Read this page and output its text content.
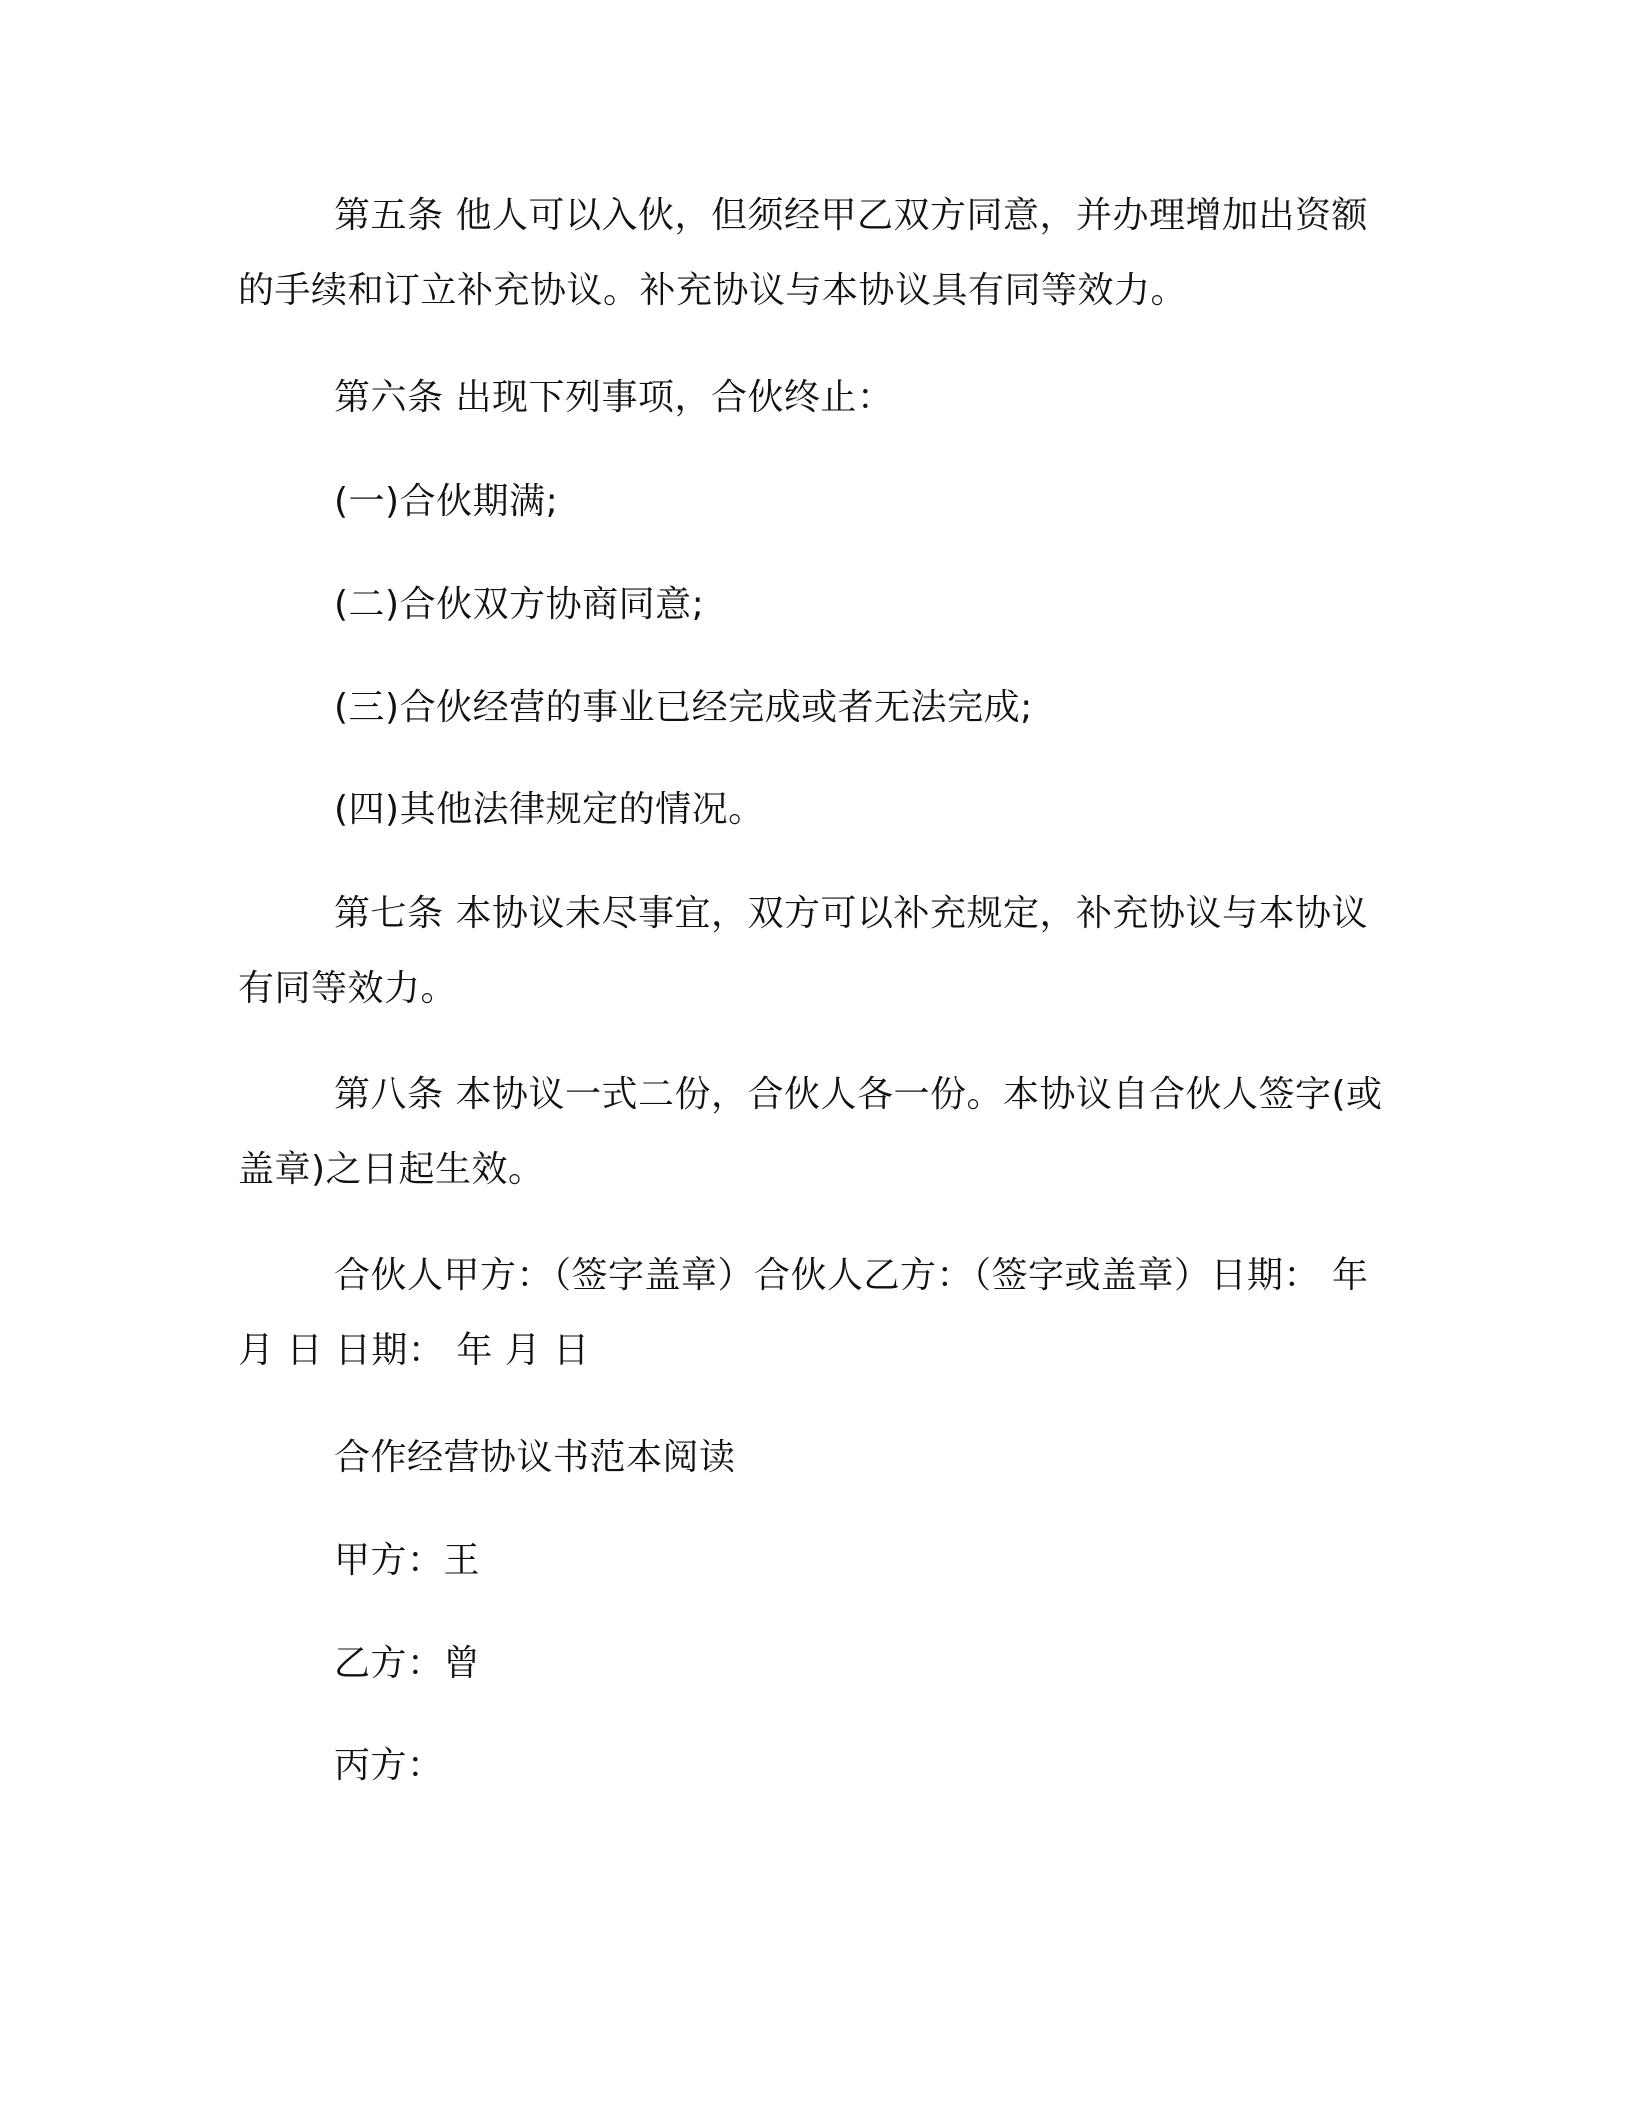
第五条 他人可以入伙，但须经甲乙双方同意，并办理增加出资额的手续和订立补充协议。补充协议与本协议具有同等效力。

第六条 出现下列事项，合伙终止：

(一)合伙期满;

(二)合伙双方协商同意;

(三)合伙经营的事业已经完成或者无法完成;

(四)其他法律规定的情况。

第七条 本协议未尽事宜，双方可以补充规定，补充协议与本协议有同等效力。

第八条 本协议一式二份，合伙人各一份。本协议自合伙人签字(或盖章)之日起生效。

合伙人甲方：（签字盖章）合伙人乙方：（签字或盖章）日期： 年 月 日 日期： 年 月 日

合作经营协议书范本阅读

甲方：王

乙方：曾

丙方：
